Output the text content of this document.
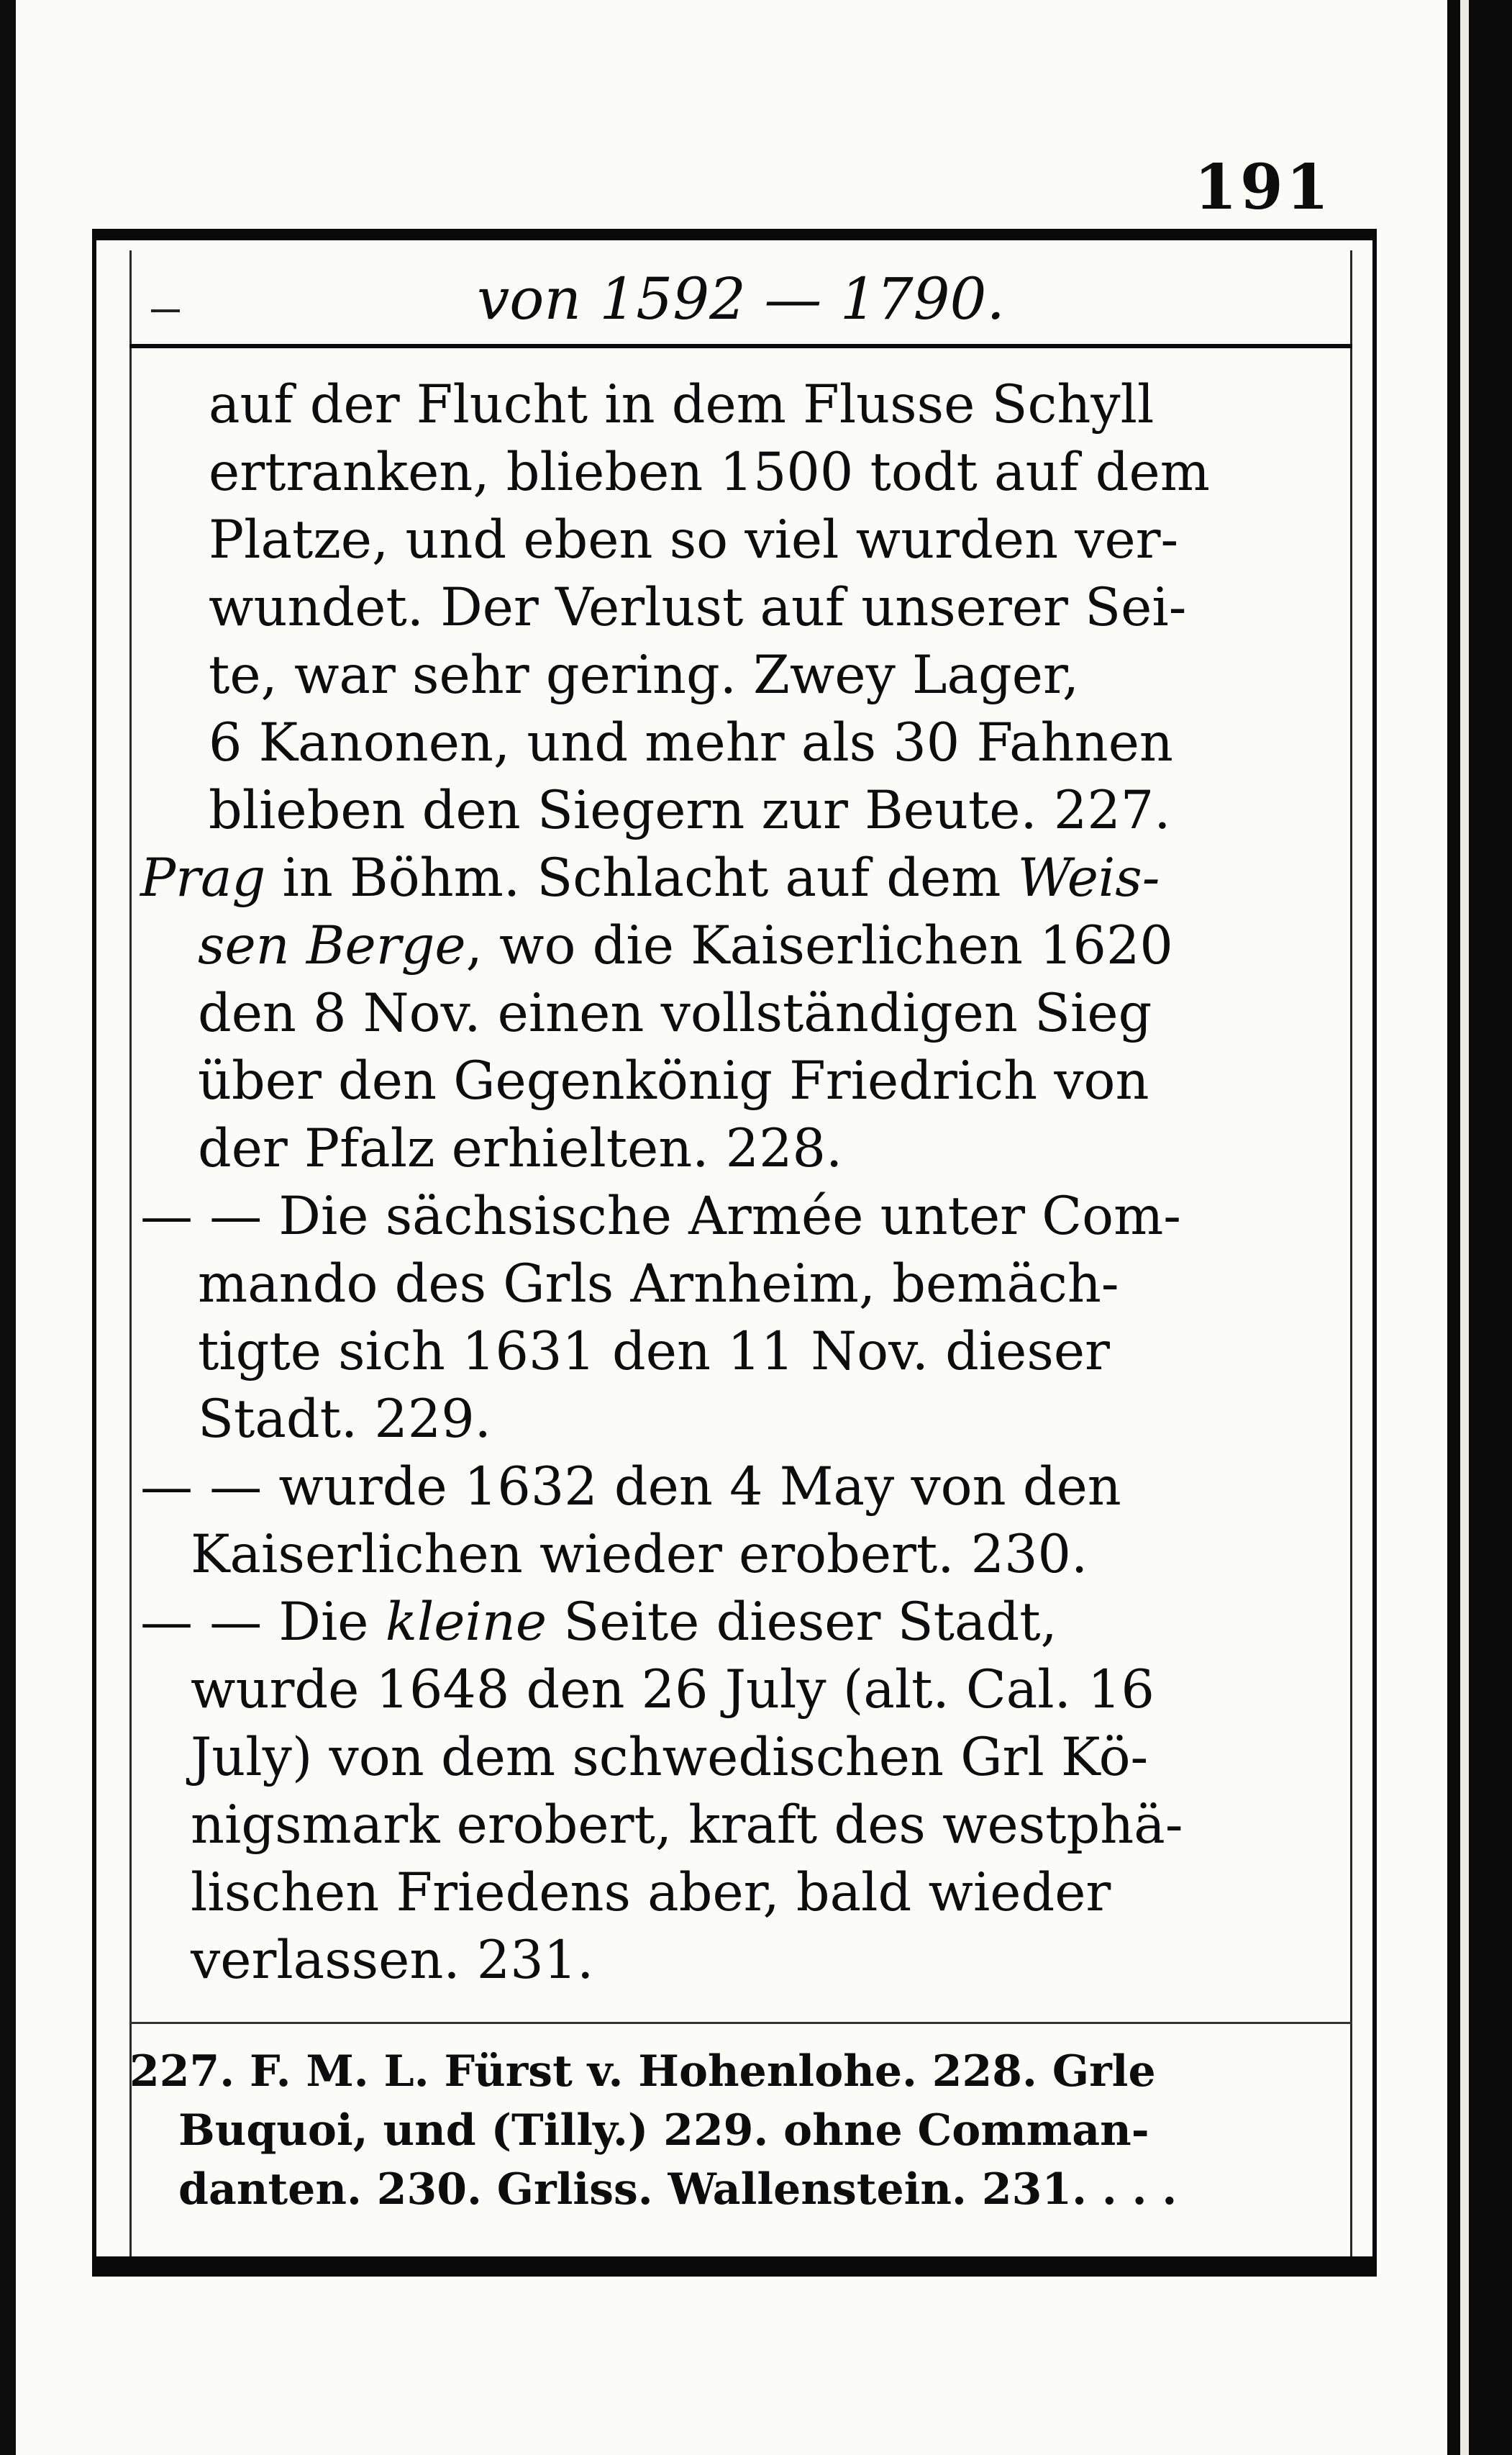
191
von 1592 — 1790.
auf der Flucht in dem Flusse Schyll
ertranken, blieben 1500 todt auf dem
Platze, und eben so viel wurden ver-
wundet. Der Verlust auf unserer Sei-
te, war sehr gering. Zwey Lager,
6 Kanonen, und mehr als 30 Fahnen
blieben den Siegern zur Beute. 227.
Prag in Böhm. Schlacht auf dem Weis-
sen Berge, wo die Kaiserlichen 1620
den 8 Nov. einen vollständigen Sieg
über den Gegenkönig Friedrich von
der Pfalz erhielten. 228.
— — Die sächsische Armée unter Com-
mando des Grls Arnheim, bemäch-
tigte sich 1631 den 11 Nov. dieser
Stadt. 229.
— — wurde 1632 den 4 May von den
Kaiserlichen wieder erobert. 230.
— — Die kleine Seite dieser Stadt,
wurde 1648 den 26 July (alt. Cal. 16
July) von dem schwedischen Grl Kö-
nigsmark erobert, kraft des westphä-
lischen Friedens aber, bald wieder
verlassen. 231.
227. F. M. L. Fürst v. Hohenlohe. 228. Grle
Buquoi, und (Tilly.) 229. ohne Comman-
danten. 230. Grliss. Wallenstein. 231. . . .
